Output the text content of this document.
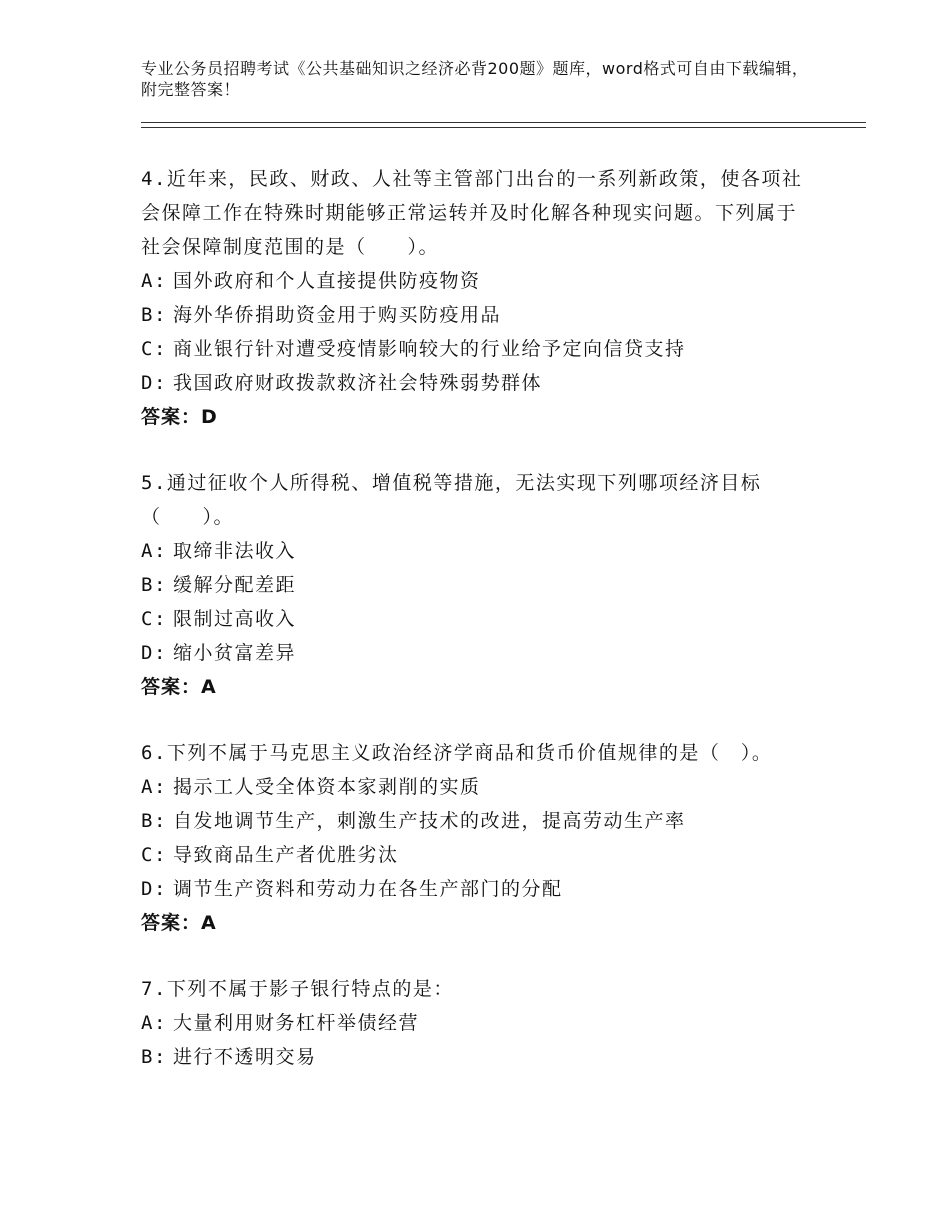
专业公务员招聘考试《公共基础知识之经济必背200题》题库，word格式可自由下载编辑，附完整答案！
4.近年来，民政、财政、人社等主管部门出台的一系列新政策，使各项社会保障工作在特殊时期能够正常运转并及时化解各种现实问题。下列属于社会保障制度范围的是（　　）。
A: 国外政府和个人直接提供防疫物资
B: 海外华侨捐助资金用于购买防疫用品
C: 商业银行针对遭受疫情影响较大的行业给予定向信贷支持
D: 我国政府财政拨款救济社会特殊弱势群体
答案：D
5.通过征收个人所得税、增值税等措施，无法实现下列哪项经济目标（　　）。
A: 取缔非法收入
B: 缓解分配差距
C: 限制过高收入
D: 缩小贫富差异
答案：A
6.下列不属于马克思主义政治经济学商品和货币价值规律的是（　）。
A: 揭示工人受全体资本家剥削的实质
B: 自发地调节生产，刺激生产技术的改进，提高劳动生产率
C: 导致商品生产者优胜劣汰
D: 调节生产资料和劳动力在各生产部门的分配
答案：A
7.下列不属于影子银行特点的是：
A: 大量利用财务杠杆举债经营
B: 进行不透明交易
